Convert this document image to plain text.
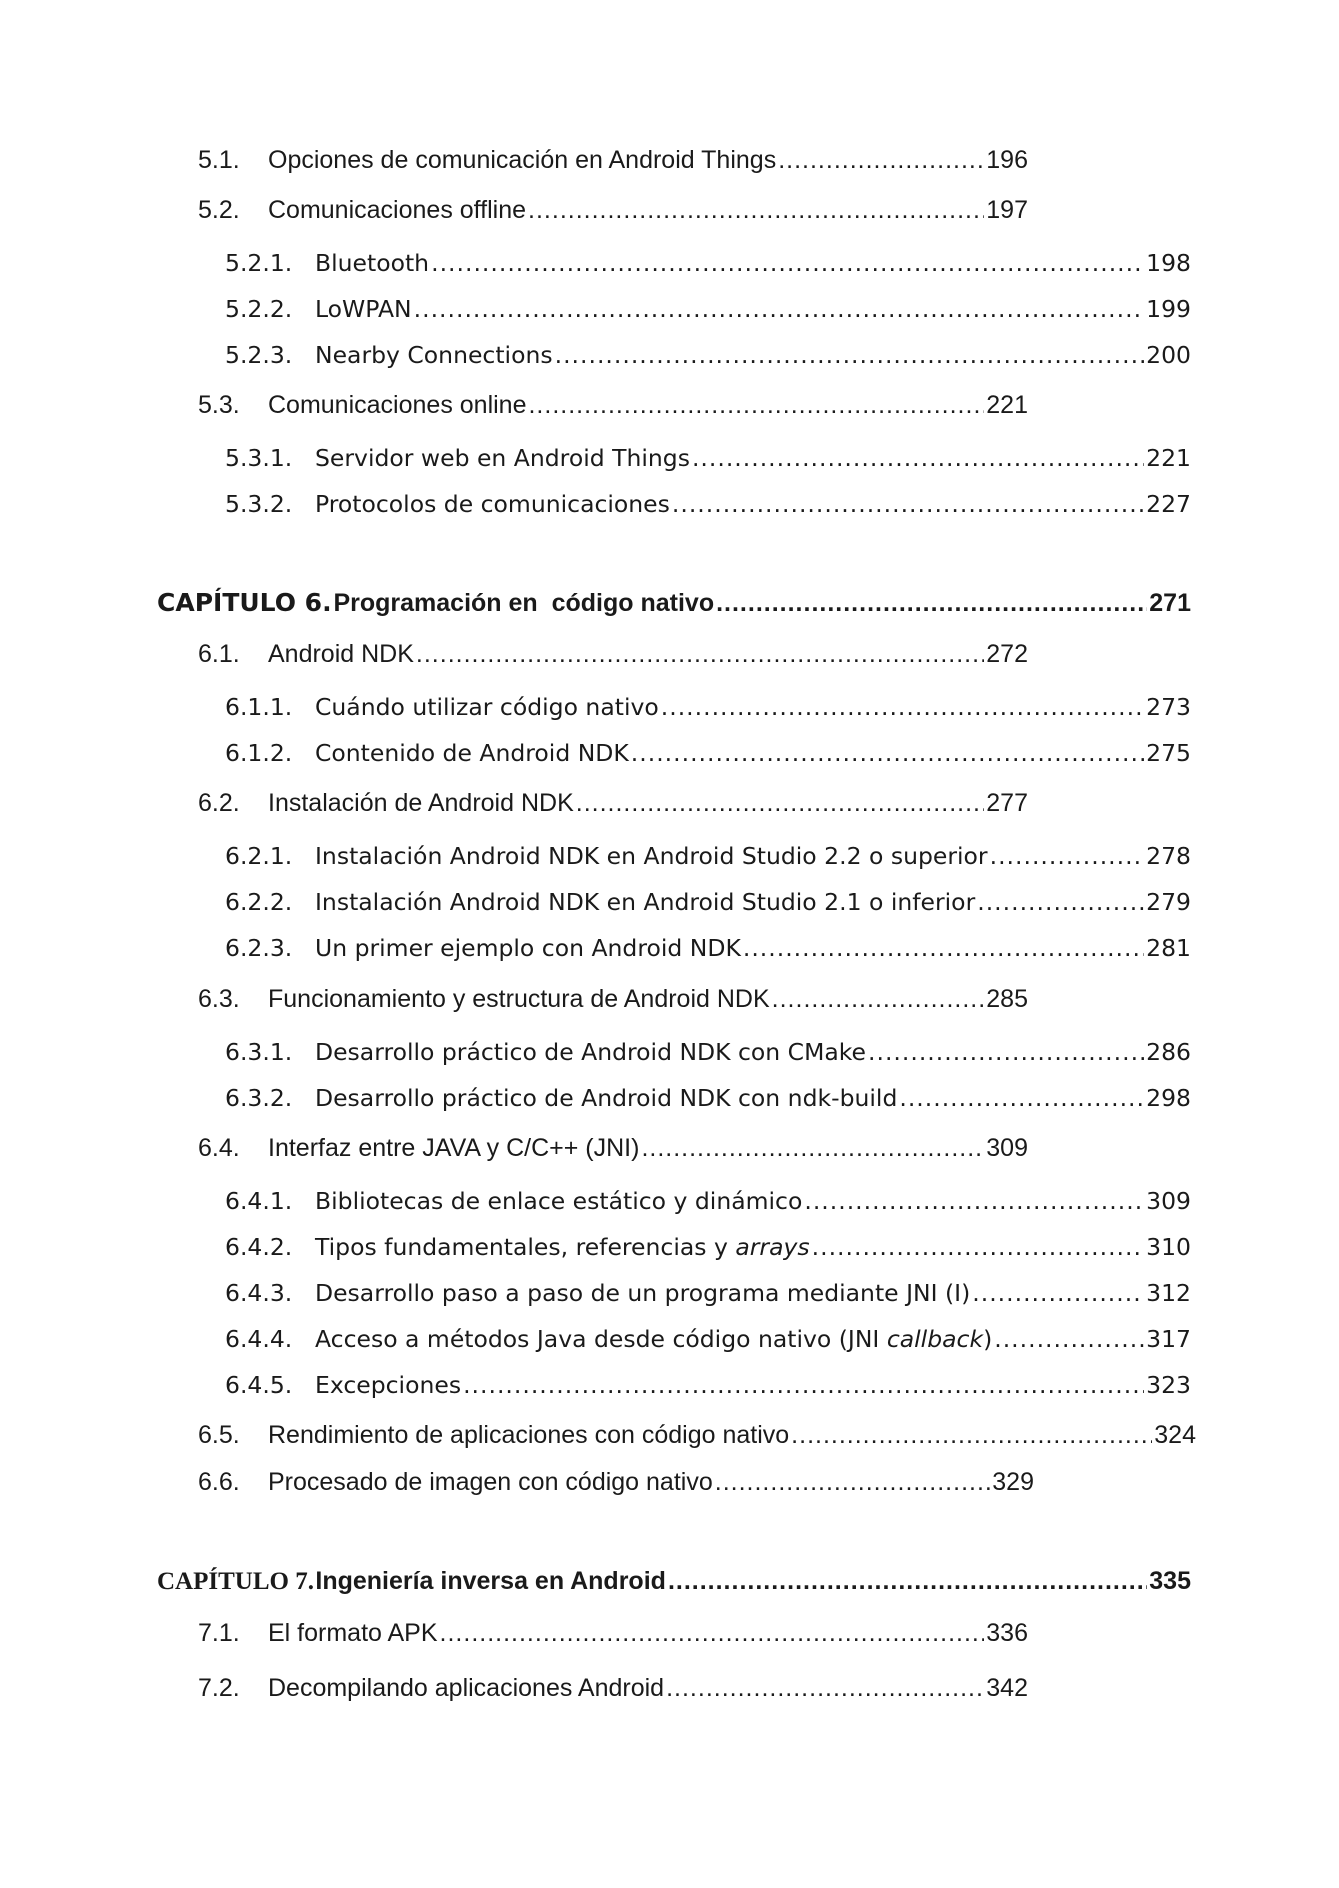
5.1.	Opciones de comunicación en Android Things .....	196
5.2.	Comunicaciones offline .....	197
5.2.1. Bluetooth .....	198
5.2.2. LoWPAN .....	199
5.2.3. Nearby Connections .....	200
5.3.	Comunicaciones online .....	221
5.3.1. Servidor web en Android Things .....	221
5.3.2. Protocolos de comunicaciones .....	227
CAPÍTULO 6. Programación en  código nativo .....	271
6.1.	Android NDK .....	272
6.1.1. Cuándo utilizar código nativo .....	273
6.1.2. Contenido de Android NDK .....	275
6.2.	Instalación de Android NDK .....	277
6.2.1. Instalación Android NDK en Android Studio 2.2 o superior .....	278
6.2.2. Instalación Android NDK en Android Studio 2.1 o inferior .....	279
6.2.3. Un primer ejemplo con Android NDK .....	281
6.3.	Funcionamiento y estructura de Android NDK .....	285
6.3.1. Desarrollo práctico de Android NDK con CMake .....	286
6.3.2. Desarrollo práctico de Android NDK con ndk-build .....	298
6.4.	Interfaz entre JAVA y C/C++ (JNI) .....	309
6.4.1. Bibliotecas de enlace estático y dinámico .....	309
6.4.2. Tipos fundamentales, referencias y arrays .....	310
6.4.3. Desarrollo paso a paso de un programa mediante JNI (I) .....	312
6.4.4. Acceso a métodos Java desde código nativo (JNI callback) .....	317
6.4.5. Excepciones .....	323
6.5.	Rendimiento de aplicaciones con código nativo .....	324
6.6.	Procesado de imagen con código nativo .....	329
CAPÍTULO 7. Ingeniería inversa en Android .....	335
7.1.	El formato APK .....	336
7.2.	Decompilando aplicaciones Android .....	342
